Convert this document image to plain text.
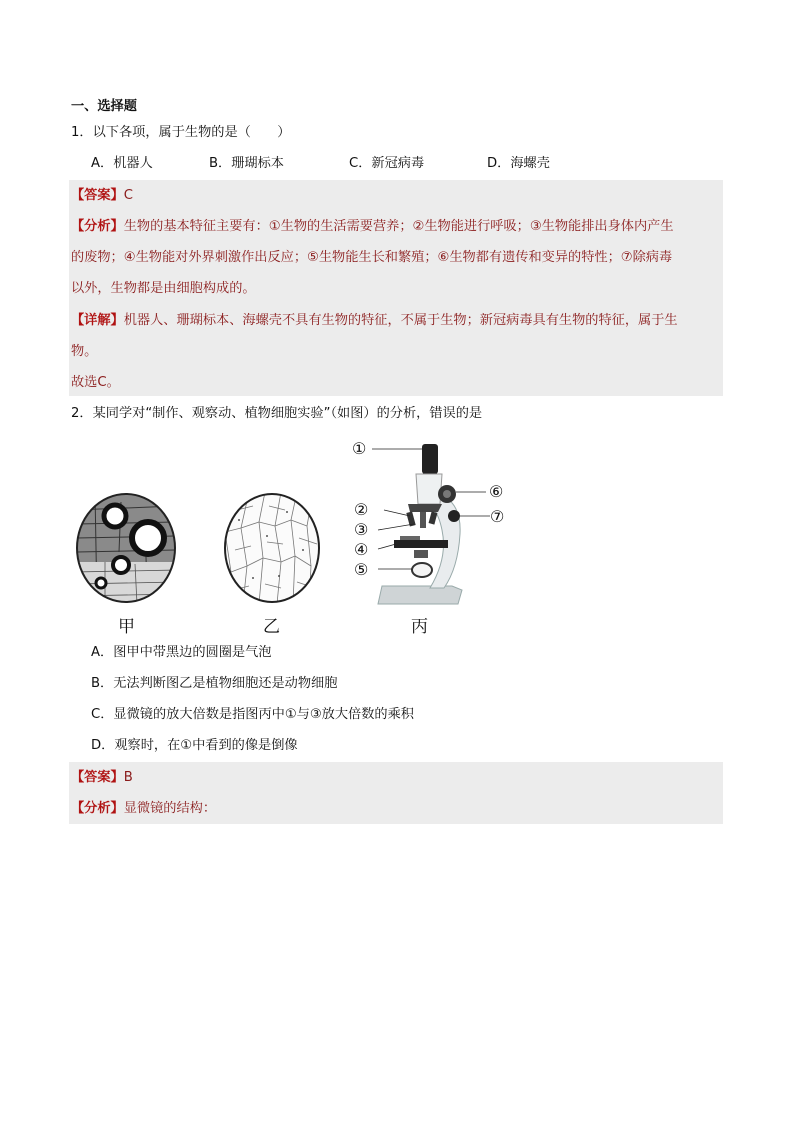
一、选择题
1．以下各项，属于生物的是（　　）
A．机器人	B．珊瑚标本	C．新冠病毒	D．海螺壳
【答案】C
【分析】生物的基本特征主要有：①生物的生活需要营养；②生物能进行呼吸；③生物能排出身体内产生
的废物；④生物能对外界刺激作出反应；⑤生物能生长和繁殖；⑥生物都有遗传和变异的特性；⑦除病毒
以外，生物都是由细胞构成的。
【详解】机器人、珊瑚标本、海螺壳不具有生物的特征，不属于生物；新冠病毒具有生物的特征，属于生
物。
故选C。
2．某同学对“制作、观察动、植物细胞实验”（如图）的分析，错误的是
甲	乙	丙
①
②
③
④
⑤
⑥
⑦
A．图甲中带黑边的圆圈是气泡
B．无法判断图乙是植物细胞还是动物细胞
C．显微镜的放大倍数是指图丙中①与③放大倍数的乘积
D．观察时，在①中看到的像是倒像
【答案】B
【分析】显微镜的结构：
